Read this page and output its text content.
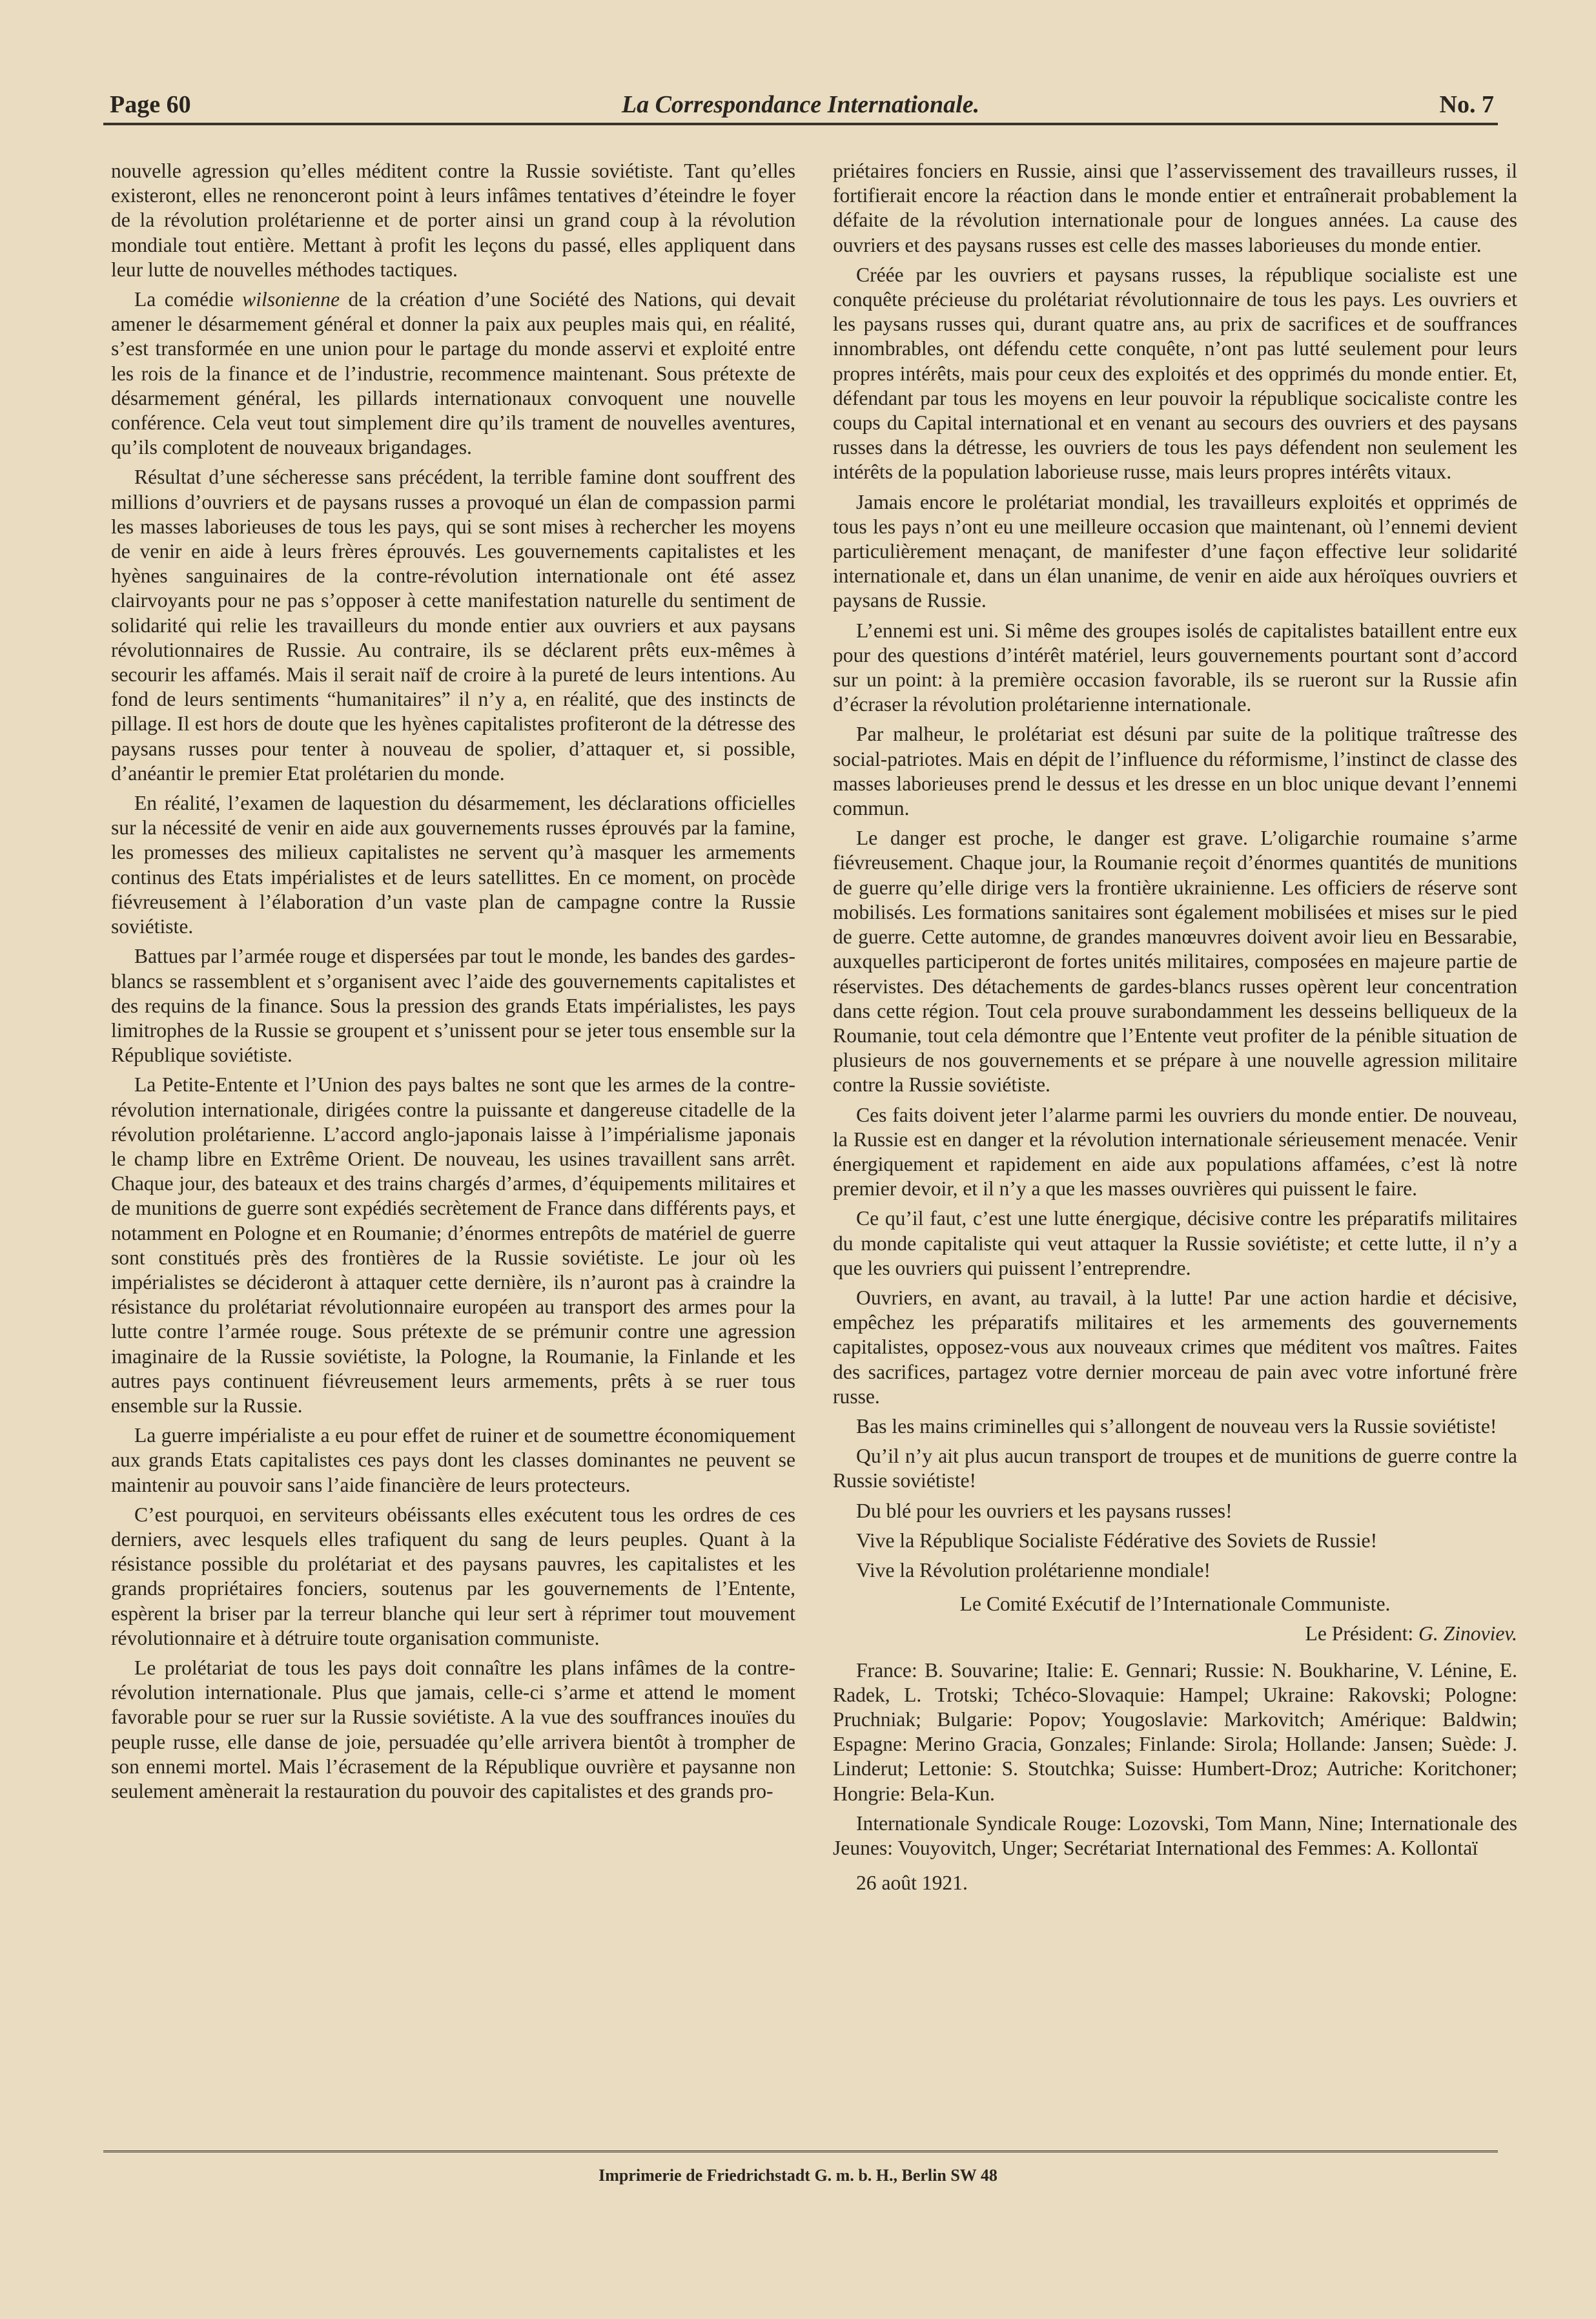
Page 60	La Correspondance Internationale.	No. 7

nouvelle agression qu’elles méditent contre la Russie soviétiste. Tant qu’elles existeront, elles ne renonceront point à leurs infâmes tentatives d’éteindre le foyer de la révolution prolétarienne et de porter ainsi un grand coup à la révolution mondiale tout entière. Mettant à profit les leçons du passé, elles appliquent dans leur lutte de nouvelles méthodes tactiques.

La comédie wilsonienne de la création d’une Société des Nations, qui devait amener le désarmement général et donner la paix aux peuples mais qui, en réalité, s’est transformée en une union pour le partage du monde asservi et exploité entre les rois de la finance et de l’industrie, recommence maintenant. Sous prétexte de désarmement général, les pillards internationaux convoquent une nouvelle conférence. Cela veut tout simplement dire qu’ils trament de nouvelles aventures, qu’ils complotent de nouveaux brigandages.

Résultat d’une sécheresse sans précédent, la terrible famine dont souffrent des millions d’ouvriers et de paysans russes a provoqué un élan de compassion parmi les masses laborieuses de tous les pays, qui se sont mises à rechercher les moyens de venir en aide à leurs frères éprouvés. Les gouvernements capitalistes et les hyènes sanguinaires de la contre-révolution internationale ont été assez clairvoyants pour ne pas s’opposer à cette manifestation naturelle du sentiment de solidarité qui relie les travailleurs du monde entier aux ouvriers et aux paysans révolutionnaires de Russie. Au contraire, ils se déclarent prêts eux-mêmes à secourir les affamés. Mais il serait naïf de croire à la pureté de leurs intentions. Au fond de leurs sentiments “humanitaires” il n’y a, en réalité, que des instincts de pillage. Il est hors de doute que les hyènes capitalistes profiteront de la détresse des paysans russes pour tenter à nouveau de spolier, d’attaquer et, si possible, d’anéantir le premier Etat prolétarien du monde.

En réalité, l’examen de laquestion du désarmement, les déclarations officielles sur la nécessité de venir en aide aux gouvernements russes éprouvés par la famine, les promesses des milieux capitalistes ne servent qu’à masquer les armements continus des Etats impérialistes et de leurs satellittes. En ce moment, on procède fiévreusement à l’élaboration d’un vaste plan de campagne contre la Russie soviétiste.

Battues par l’armée rouge et dispersées par tout le monde, les bandes des gardes-blancs se rassemblent et s’organisent avec l’aide des gouvernements capitalistes et des requins de la finance. Sous la pression des grands Etats impérialistes, les pays limitrophes de la Russie se groupent et s’unissent pour se jeter tous ensemble sur la République soviétiste.

La Petite-Entente et l’Union des pays baltes ne sont que les armes de la contre-révolution internationale, dirigées contre la puissante et dangereuse citadelle de la révolution prolétarienne. L’accord anglo-japonais laisse à l’impérialisme japonais le champ libre en Extrême Orient. De nouveau, les usines travaillent sans arrêt. Chaque jour, des bateaux et des trains chargés d’armes, d’équipements militaires et de munitions de guerre sont expédiés secrètement de France dans différents pays, et notamment en Pologne et en Roumanie; d’énormes entrepôts de matériel de guerre sont constitués près des frontières de la Russie soviétiste. Le jour où les impérialistes se décideront à attaquer cette dernière, ils n’auront pas à craindre la résistance du prolétariat révolutionnaire européen au transport des armes pour la lutte contre l’armée rouge. Sous prétexte de se prémunir contre une agression imaginaire de la Russie soviétiste, la Pologne, la Roumanie, la Finlande et les autres pays continuent fiévreusement leurs armements, prêts à se ruer tous ensemble sur la Russie.

La guerre impérialiste a eu pour effet de ruiner et de soumettre économiquement aux grands Etats capitalistes ces pays dont les classes dominantes ne peuvent se maintenir au pouvoir sans l’aide financière de leurs protecteurs.

C’est pourquoi, en serviteurs obéissants elles exécutent tous les ordres de ces derniers, avec lesquels elles trafiquent du sang de leurs peuples. Quant à la résistance possible du prolétariat et des paysans pauvres, les capitalistes et les grands propriétaires fonciers, soutenus par les gouvernements de l’Entente, espèrent la briser par la terreur blanche qui leur sert à réprimer tout mouvement révolutionnaire et à détruire toute organisation communiste.

Le prolétariat de tous les pays doit connaître les plans infâmes de la contre-révolution internationale. Plus que jamais, celle-ci s’arme et attend le moment favorable pour se ruer sur la Russie soviétiste. A la vue des souffrances inouïes du peuple russe, elle danse de joie, persuadée qu’elle arrivera bientôt à trompher de son ennemi mortel. Mais l’écrasement de la République ouvrière et paysanne non seulement amènerait la restauration du pouvoir des capitalistes et des grands pro-

priétaires fonciers en Russie, ainsi que l’asservissement des travailleurs russes, il fortifierait encore la réaction dans le monde entier et entraînerait probablement la défaite de la révolution internationale pour de longues années. La cause des ouvriers et des paysans russes est celle des masses laborieuses du monde entier.

Créée par les ouvriers et paysans russes, la république socialiste est une conquête précieuse du prolétariat révolutionnaire de tous les pays. Les ouvriers et les paysans russes qui, durant quatre ans, au prix de sacrifices et de souffrances innombrables, ont défendu cette conquête, n’ont pas lutté seulement pour leurs propres intérêts, mais pour ceux des exploités et des opprimés du monde entier. Et, défendant par tous les moyens en leur pouvoir la république socicaliste contre les coups du Capital international et en venant au secours des ouvriers et des paysans russes dans la détresse, les ouvriers de tous les pays défendent non seulement les intérêts de la population laborieuse russe, mais leurs propres intérêts vitaux.

Jamais encore le prolétariat mondial, les travailleurs exploités et opprimés de tous les pays n’ont eu une meilleure occasion que maintenant, où l’ennemi devient particulièrement menaçant, de manifester d’une façon effective leur solidarité internationale et, dans un élan unanime, de venir en aide aux héroïques ouvriers et paysans de Russie.

L’ennemi est uni. Si même des groupes isolés de capitalistes bataillent entre eux pour des questions d’intérêt matériel, leurs gouvernements pourtant sont d’accord sur un point: à la première occasion favorable, ils se rueront sur la Russie afin d’écraser la révolution prolétarienne internationale.

Par malheur, le prolétariat est désuni par suite de la politique traîtresse des social-patriotes. Mais en dépit de l’influence du réformisme, l’instinct de classe des masses laborieuses prend le dessus et les dresse en un bloc unique devant l’ennemi commun.

Le danger est proche, le danger est grave. L’oligarchie roumaine s’arme fiévreusement. Chaque jour, la Roumanie reçoit d’énormes quantités de munitions de guerre qu’elle dirige vers la frontière ukrainienne. Les officiers de réserve sont mobilisés. Les formations sanitaires sont également mobilisées et mises sur le pied de guerre. Cette automne, de grandes manœuvres doivent avoir lieu en Bessarabie, auxquelles participeront de fortes unités militaires, composées en majeure partie de réservistes. Des détachements de gardes-blancs russes opèrent leur concentration dans cette région. Tout cela prouve surabondamment les desseins belliqueux de la Roumanie, tout cela démontre que l’Entente veut profiter de la pénible situation de plusieurs de nos gouvernements et se prépare à une nouvelle agression militaire contre la Russie soviétiste.

Ces faits doivent jeter l’alarme parmi les ouvriers du monde entier. De nouveau, la Russie est en danger et la révolution internationale sérieusement menacée. Venir énergiquement et rapidement en aide aux populations affamées, c’est là notre premier devoir, et il n’y a que les masses ouvrières qui puissent le faire.

Ce qu’il faut, c’est une lutte énergique, décisive contre les préparatifs militaires du monde capitaliste qui veut attaquer la Russie soviétiste; et cette lutte, il n’y a que les ouvriers qui puissent l’entreprendre.

Ouvriers, en avant, au travail, à la lutte! Par une action hardie et décisive, empêchez les préparatifs militaires et les armements des gouvernements capitalistes, opposez-vous aux nouveaux crimes que méditent vos maîtres. Faites des sacrifices, partagez votre dernier morceau de pain avec votre infortuné frère russe.

Bas les mains criminelles qui s’allongent de nouveau vers la Russie soviétiste!

Qu’il n’y ait plus aucun transport de troupes et de munitions de guerre contre la Russie soviétiste!

Du blé pour les ouvriers et les paysans russes!

Vive la République Socialiste Fédérative des Soviets de Russie!

Vive la Révolution prolétarienne mondiale!

Le Comité Exécutif de l’Internationale Communiste.

Le Président: G. Zinoviev.

France: B. Souvarine; Italie: E. Gennari; Russie: N. Boukharine, V. Lénine, E. Radek, L. Trotski; Tchéco-Slovaquie: Hampel; Ukraine: Rakovski; Pologne: Pruchniak; Bulgarie: Popov; Yougoslavie: Markovitch; Amérique: Baldwin; Espagne: Merino Gracia, Gonzales; Finlande: Sirola; Hollande: Jansen; Suède: J. Linderut; Lettonie: S. Stoutchka; Suisse: Humbert-Droz; Autriche: Koritchoner; Hongrie: Bela-Kun.

Internationale Syndicale Rouge: Lozovski, Tom Mann, Nine; Internationale des Jeunes: Vouyovitch, Unger; Secrétariat International des Femmes: A. Kollontaï

26 août 1921.

Imprimerie de Friedrichstadt G. m. b. H., Berlin SW 48
